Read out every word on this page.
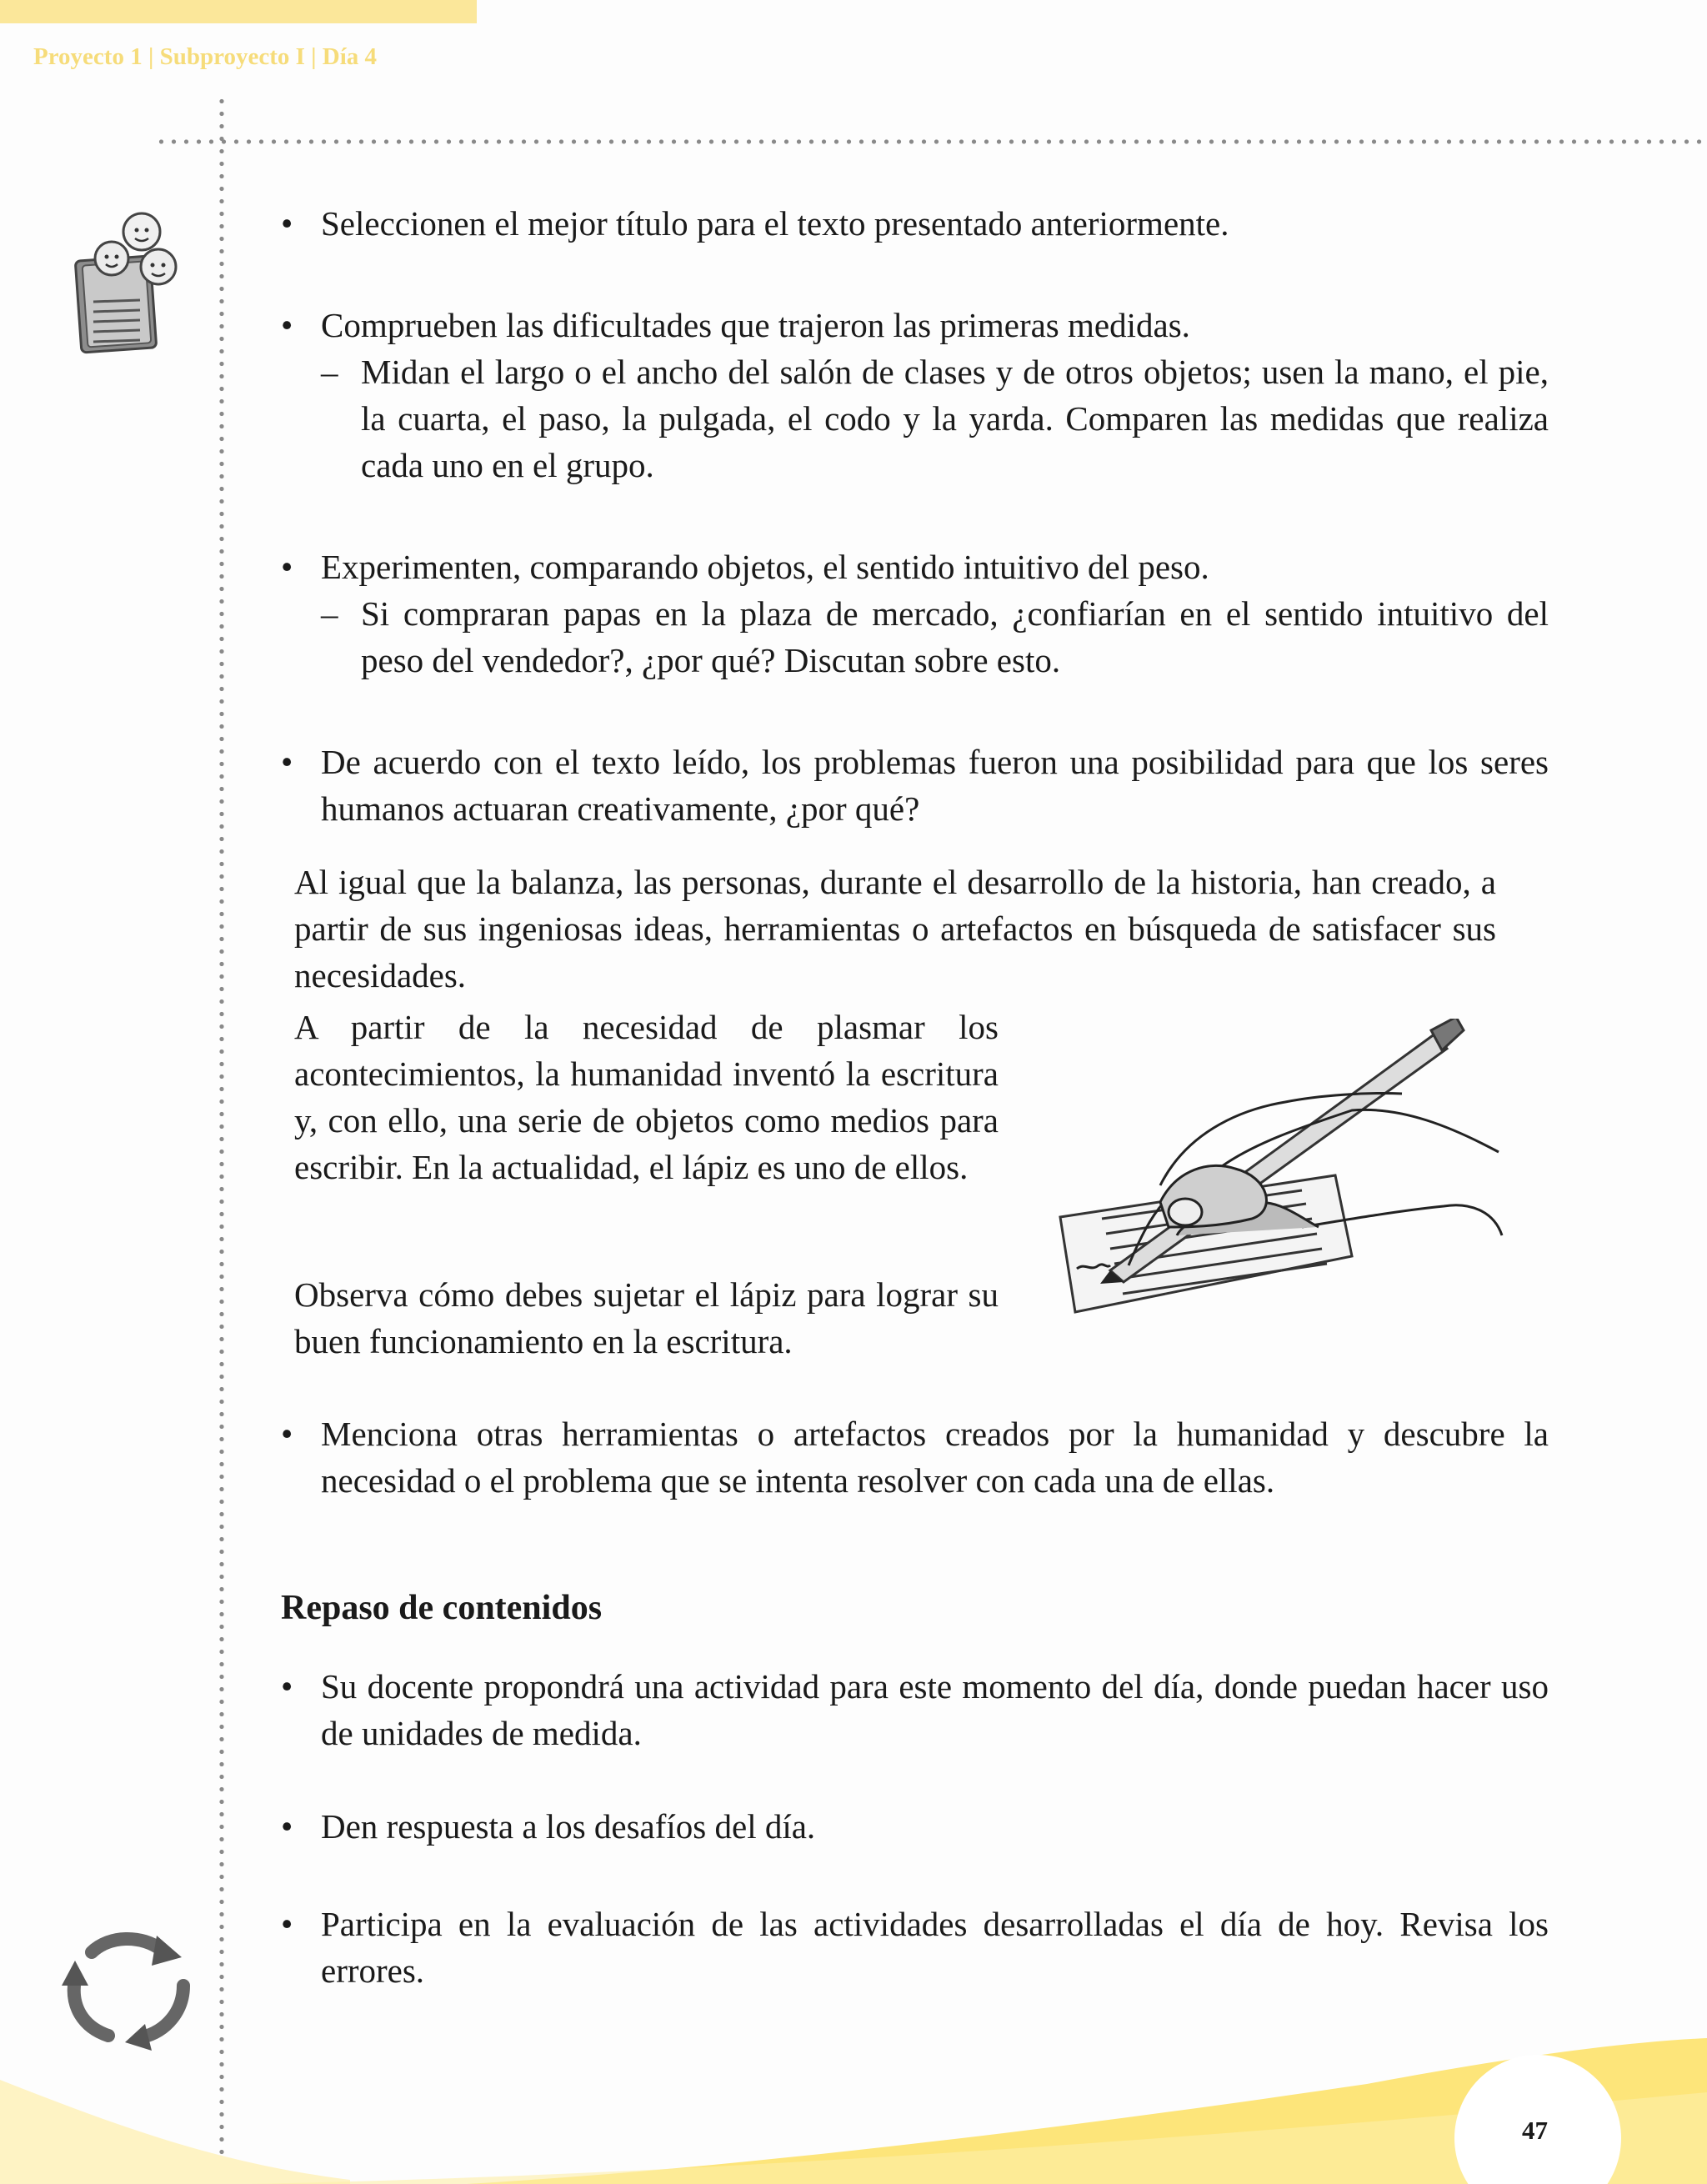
Proyecto 1 | Subproyecto I | Día 4

• Seleccionen el mejor título para el texto presentado anteriormente.

• Comprueben las dificultades que trajeron las primeras medidas.

– Midan el largo o el ancho del salón de clases y de otros objetos; usen la mano, el pie, la cuarta, el paso, la pulgada, el codo y la yarda. Comparen las medidas que realiza cada uno en el grupo.

• Experimenten, comparando objetos, el sentido intuitivo del peso.

– Si compraran papas en la plaza de mercado, ¿confiarían en el sentido intuitivo del peso del vendedor?, ¿por qué? Discutan sobre esto.

• De acuerdo con el texto leído, los problemas fueron una posibilidad para que los seres humanos actuaran creativamente, ¿por qué?

Al igual que la balanza, las personas, durante el desarrollo de la historia, han creado, a partir de sus ingeniosas ideas, herramientas o artefactos en búsqueda de satisfacer sus necesidades.

A partir de la necesidad de plasmar los acontecimientos, la humanidad inventó la escritura y, con ello, una serie de objetos como medios para escribir. En la actualidad, el lápiz es uno de ellos.

Observa cómo debes sujetar el lápiz para lograr su buen funcionamiento en la escritura.

• Menciona otras herramientas o artefactos creados por la humanidad y descubre la necesidad o el problema que se intenta resolver con cada una de ellas.

Repaso de contenidos

• Su docente propondrá una actividad para este momento del día, donde puedan hacer uso de unidades de medida.

• Den respuesta a los desafíos del día.

• Participa en la evaluación de las actividades desarrolladas el día de hoy. Revisa los errores.

47
